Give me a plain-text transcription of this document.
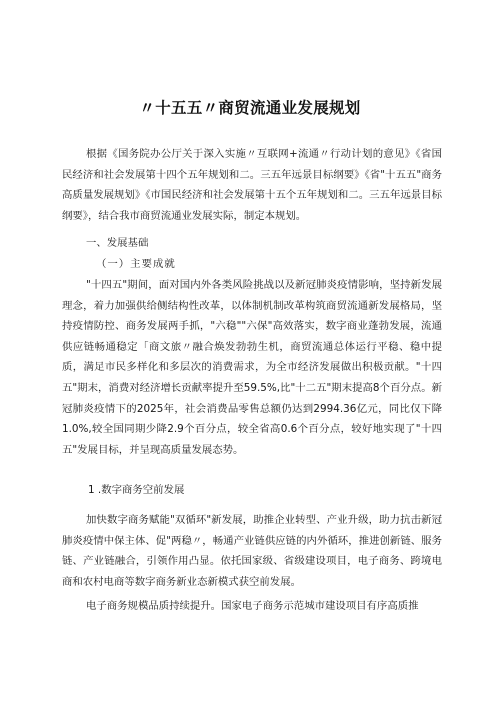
〃十五五〃商贸流通业发展规划

根据《国务院办公厅关于深入实施〃互联网+流通〃行动计划的意见》《省国民经济和社会发展第十四个五年规划和二。三五年远景目标纲要》《省"十五五"商务高质量发展规划》《市国民经济和社会发展第十五个五年规划和二。三五年远景目标纲要》，结合我市商贸流通业发展实际，制定本规划。

一、发展基础

（一）主要成就

"十四五"期间，面对国内外各类风险挑战以及新冠肺炎疫情影响，坚持新发展理念，着力加强供给侧结构性改革，以体制机制改革构筑商贸流通新发展格局，坚持疫情防控、商务发展两手抓，"六稳""六保"高效落实，数字商业蓬勃发展，流通供应链畅通稳定「商文旅〃融合焕发勃勃生机，商贸流通总体运行平稳、稳中提质，满足市民多样化和多层次的消费需求，为全市经济发展做出积极贡献。"十四五"期末，消费对经济增长贡献率提升至59.5%,比"十二五"期末提高8个百分点。新冠肺炎疫情下的2025年，社会消费品零售总额仍达到2994.36亿元，同比仅下降1.0%,较全国同期少降2.9个百分点，较全省高0.6个百分点，较好地实现了"十四五"发展目标，并呈现高质量发展态势。

1 .数字商务空前发展

加快数字商务赋能"双循环"新发展，助推企业转型、产业升级，助力抗击新冠肺炎疫情中保主体、促"两稳〃，畅通产业链供应链的内外循环，推进创新链、服务链、产业链融合，引领作用凸显。依托国家级、省级建设项目，电子商务、跨境电商和农村电商等数字商务新业态新模式获空前发展。

电子商务规模品质持续提升。国家电子商务示范城市建设项目有序高质推
